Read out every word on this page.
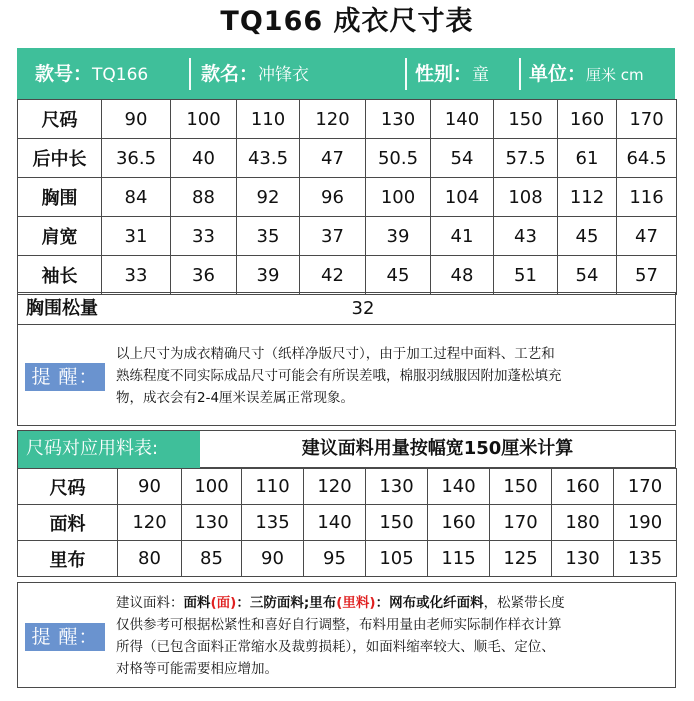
TQ166 成衣尺寸表
款号：TQ166	款名：冲锋衣	性别：童 单位：厘米 cm
尺码	90	100	110	120	130	140	150	160	170
后中长	36.5	40	43.5	47	50.5	54	57.5	61	64.5
胸围	84	88	92	96	100	104	108	112	116
肩宽	31	33	35	37	39	41	43	45	47
袖长	33	36	39	42	45	48	51	54	57
胸围松量	32
提 醒：
以上尺寸为成衣精确尺寸（纸样净版尺寸），由于加工过程中面料、工艺和
熟练程度不同实际成品尺寸可能会有所误差哦，棉服羽绒服因附加蓬松填充
物，成衣会有2-4厘米误差属正常现象。
尺码对应用料表:	建议面料用量按幅宽150厘米计算
尺码	90	100	110	120	130	140	150	160	170
面料	120	130	135	140	150	160	170	180	190
里布	80	85	90	95	105	115	125	130	135
提 醒：
建议面料：面料(面)：三防面料;里布(里料)：网布或化纤面料，松紧带长度
仅供参考可根据松紧性和喜好自行调整，布料用量由老师实际制作样衣计算
所得（已包含面料正常缩水及裁剪损耗），如面料缩率较大、顺毛、定位、
对格等可能需要相应增加。
